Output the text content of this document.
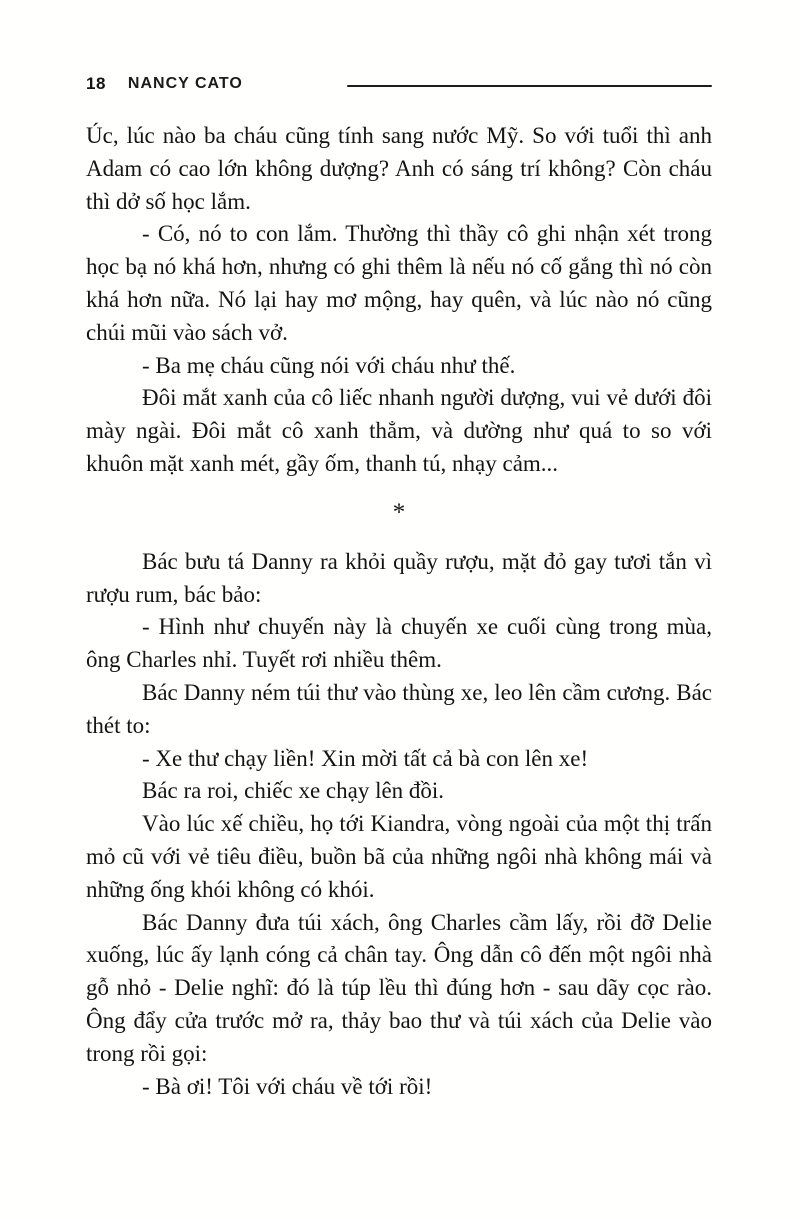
18 NANCY CATO

Úc, lúc nào ba cháu cũng tính sang nước Mỹ. So với tuổi thì anh Adam có cao lớn không dượng? Anh có sáng trí không? Còn cháu thì dở số học lắm.

- Có, nó to con lắm. Thường thì thầy cô ghi nhận xét trong học bạ nó khá hơn, nhưng có ghi thêm là nếu nó cố gắng thì nó còn khá hơn nữa. Nó lại hay mơ mộng, hay quên, và lúc nào nó cũng chúi mũi vào sách vở.

- Ba mẹ cháu cũng nói với cháu như thế.

Đôi mắt xanh của cô liếc nhanh người dượng, vui vẻ dưới đôi mày ngài. Đôi mắt cô xanh thẳm, và dường như quá to so với khuôn mặt xanh mét, gầy ốm, thanh tú, nhạy cảm...

*

Bác bưu tá Danny ra khỏi quầy rượu, mặt đỏ gay tươi tắn vì rượu rum, bác bảo:

- Hình như chuyến này là chuyến xe cuối cùng trong mùa, ông Charles nhỉ. Tuyết rơi nhiều thêm.

Bác Danny ném túi thư vào thùng xe, leo lên cầm cương. Bác thét to:

- Xe thư chạy liền! Xin mời tất cả bà con lên xe!

Bác ra roi, chiếc xe chạy lên đồi.

Vào lúc xế chiều, họ tới Kiandra, vòng ngoài của một thị trấn mỏ cũ với vẻ tiêu điều, buồn bã của những ngôi nhà không mái và những ống khói không có khói.

Bác Danny đưa túi xách, ông Charles cầm lấy, rồi đỡ Delie xuống, lúc ấy lạnh cóng cả chân tay. Ông dẫn cô đến một ngôi nhà gỗ nhỏ - Delie nghĩ: đó là túp lều thì đúng hơn - sau dãy cọc rào. Ông đẩy cửa trước mở ra, thảy bao thư và túi xách của Delie vào trong rồi gọi:

- Bà ơi! Tôi với cháu về tới rồi!
